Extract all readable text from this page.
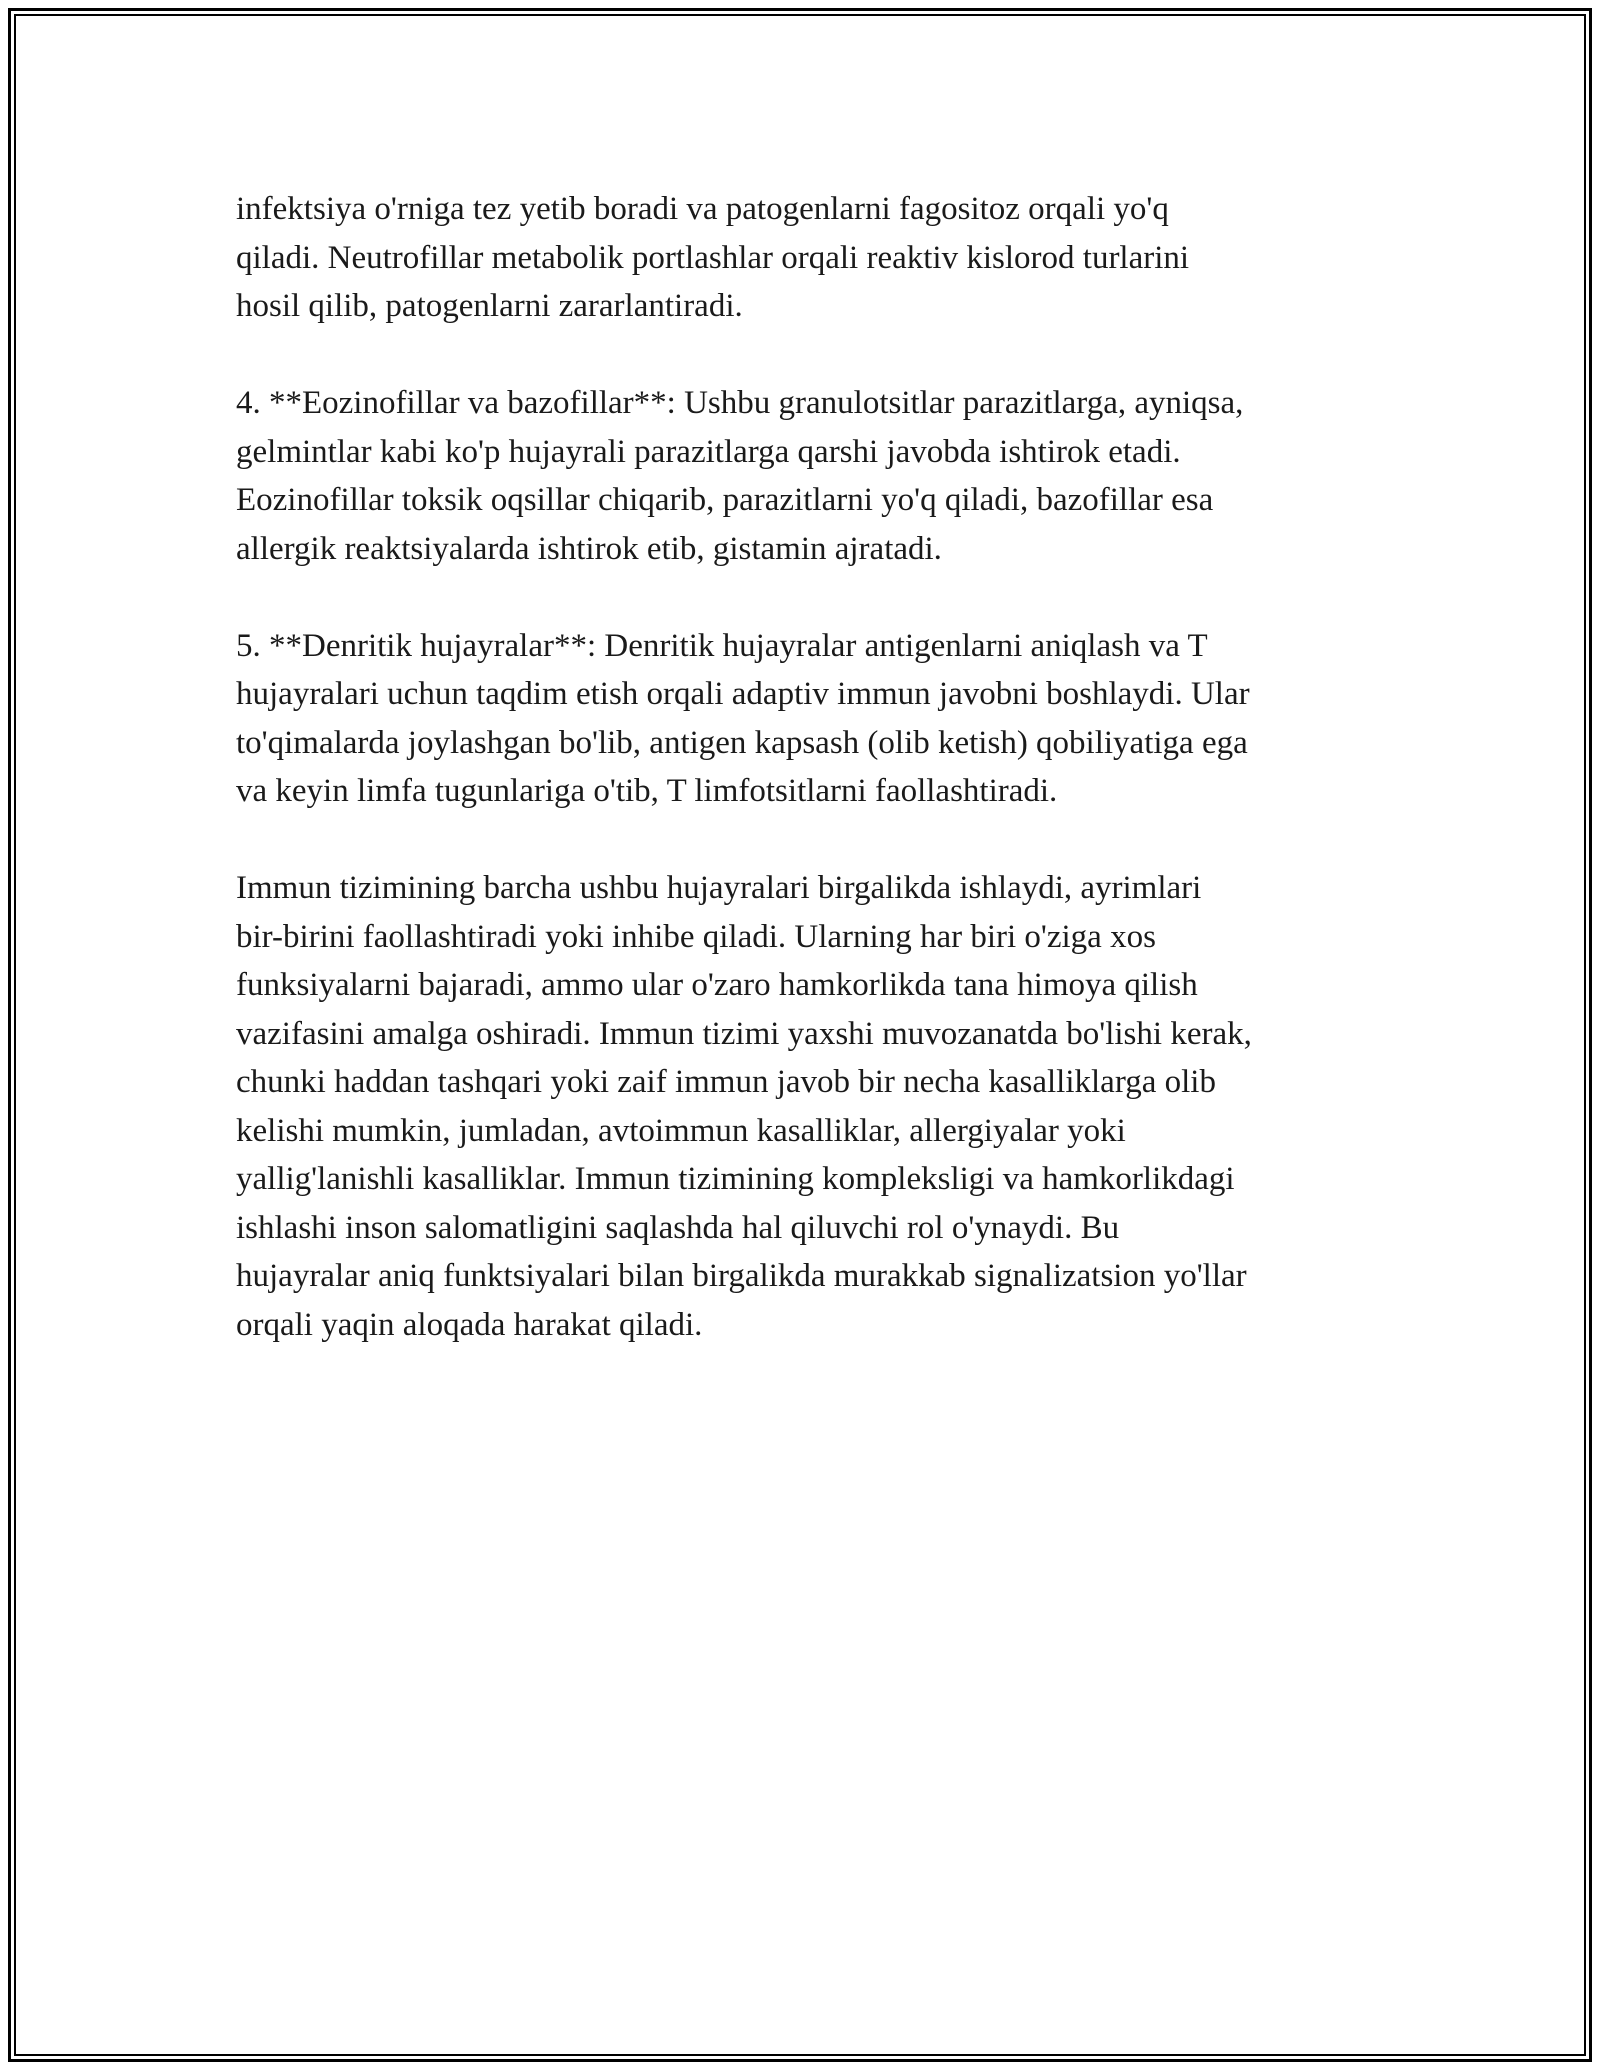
infektsiya o'rniga tez yetib boradi va patogenlarni fagositoz orqali yo'q
qiladi. Neutrofillar metabolik portlashlar orqali reaktiv kislorod turlarini
hosil qilib, patogenlarni zararlantiradi.
4. **Eozinofillar va bazofillar**: Ushbu granulotsitlar parazitlarga, ayniqsa,
gelmintlar kabi ko'p hujayrali parazitlarga qarshi javobda ishtirok etadi.
Eozinofillar toksik oqsillar chiqarib, parazitlarni yo'q qiladi, bazofillar esa
allergik reaktsiyalarda ishtirok etib, gistamin ajratadi.
5. **Denritik hujayralar**: Denritik hujayralar antigenlarni aniqlash va T
hujayralari uchun taqdim etish orqali adaptiv immun javobni boshlaydi. Ular
to'qimalarda joylashgan bo'lib, antigen kapsash (olib ketish) qobiliyatiga ega
va keyin limfa tugunlariga o'tib, T limfotsitlarni faollashtiradi.
Immun tizimining barcha ushbu hujayralari birgalikda ishlaydi, ayrimlari
bir-birini faollashtiradi yoki inhibe qiladi. Ularning har biri o'ziga xos
funksiyalarni bajaradi, ammo ular o'zaro hamkorlikda tana himoya qilish
vazifasini amalga oshiradi. Immun tizimi yaxshi muvozanatda bo'lishi kerak,
chunki haddan tashqari yoki zaif immun javob bir necha kasalliklarga olib
kelishi mumkin, jumladan, avtoimmun kasalliklar, allergiyalar yoki
yallig'lanishli kasalliklar. Immun tizimining kompleksligi va hamkorlikdagi
ishlashi inson salomatligini saqlashda hal qiluvchi rol o'ynaydi. Bu
hujayralar aniq funktsiyalari bilan birgalikda murakkab signalizatsion yo'llar
orqali yaqin aloqada harakat qiladi.
